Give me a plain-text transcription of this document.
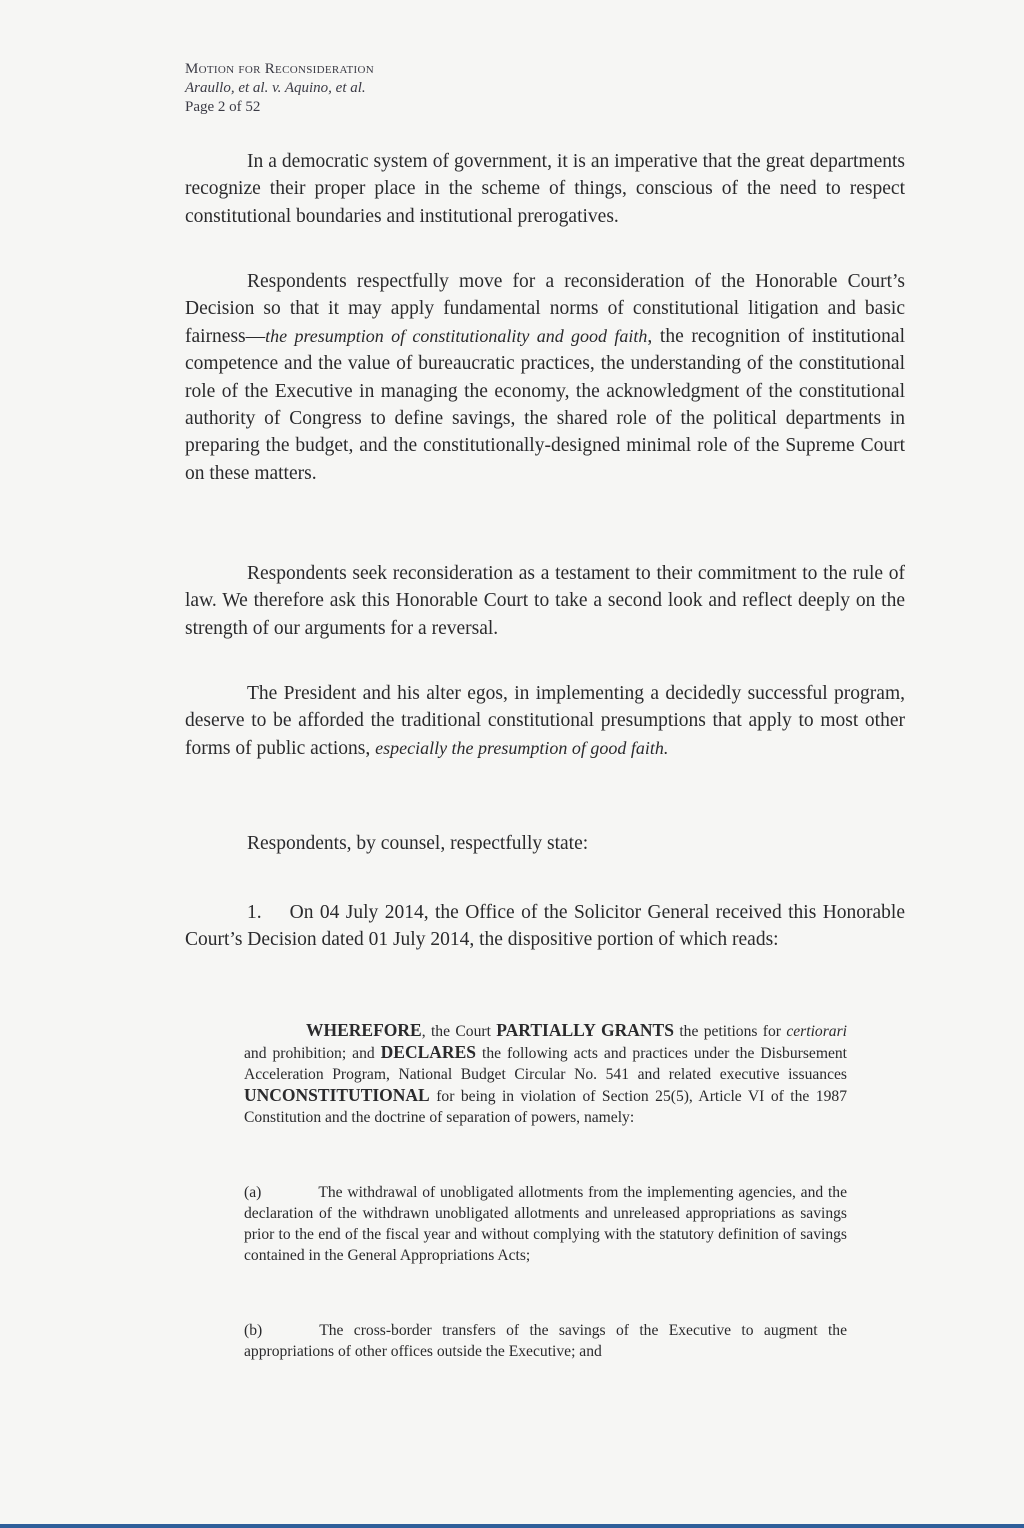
Motion for Reconsideration
Araullo, et al. v. Aquino, et al.
Page 2 of 52
In a democratic system of government, it is an imperative that the great departments recognize their proper place in the scheme of things, conscious of the need to respect constitutional boundaries and institutional prerogatives.
Respondents respectfully move for a reconsideration of the Honorable Court’s Decision so that it may apply fundamental norms of constitutional litigation and basic fairness—the presumption of constitutionality and good faith, the recognition of institutional competence and the value of bureaucratic practices, the understanding of the constitutional role of the Executive in managing the economy, the acknowledgment of the constitutional authority of Congress to define savings, the shared role of the political departments in preparing the budget, and the constitutionally-designed minimal role of the Supreme Court on these matters.
Respondents seek reconsideration as a testament to their commitment to the rule of law. We therefore ask this Honorable Court to take a second look and reflect deeply on the strength of our arguments for a reversal.
The President and his alter egos, in implementing a decidedly successful program, deserve to be afforded the traditional constitutional presumptions that apply to most other forms of public actions, especially the presumption of good faith.
Respondents, by counsel, respectfully state:
1. On 04 July 2014, the Office of the Solicitor General received this Honorable Court’s Decision dated 01 July 2014, the dispositive portion of which reads:
WHEREFORE, the Court PARTIALLY GRANTS the petitions for certiorari and prohibition; and DECLARES the following acts and practices under the Disbursement Acceleration Program, National Budget Circular No. 541 and related executive issuances UNCONSTITUTIONAL for being in violation of Section 25(5), Article VI of the 1987 Constitution and the doctrine of separation of powers, namely:
(a)	The withdrawal of unobligated allotments from the implementing agencies, and the declaration of the withdrawn unobligated allotments and unreleased appropriations as savings prior to the end of the fiscal year and without complying with the statutory definition of savings contained in the General Appropriations Acts;
(b)	The cross-border transfers of the savings of the Executive to augment the appropriations of other offices outside the Executive; and
